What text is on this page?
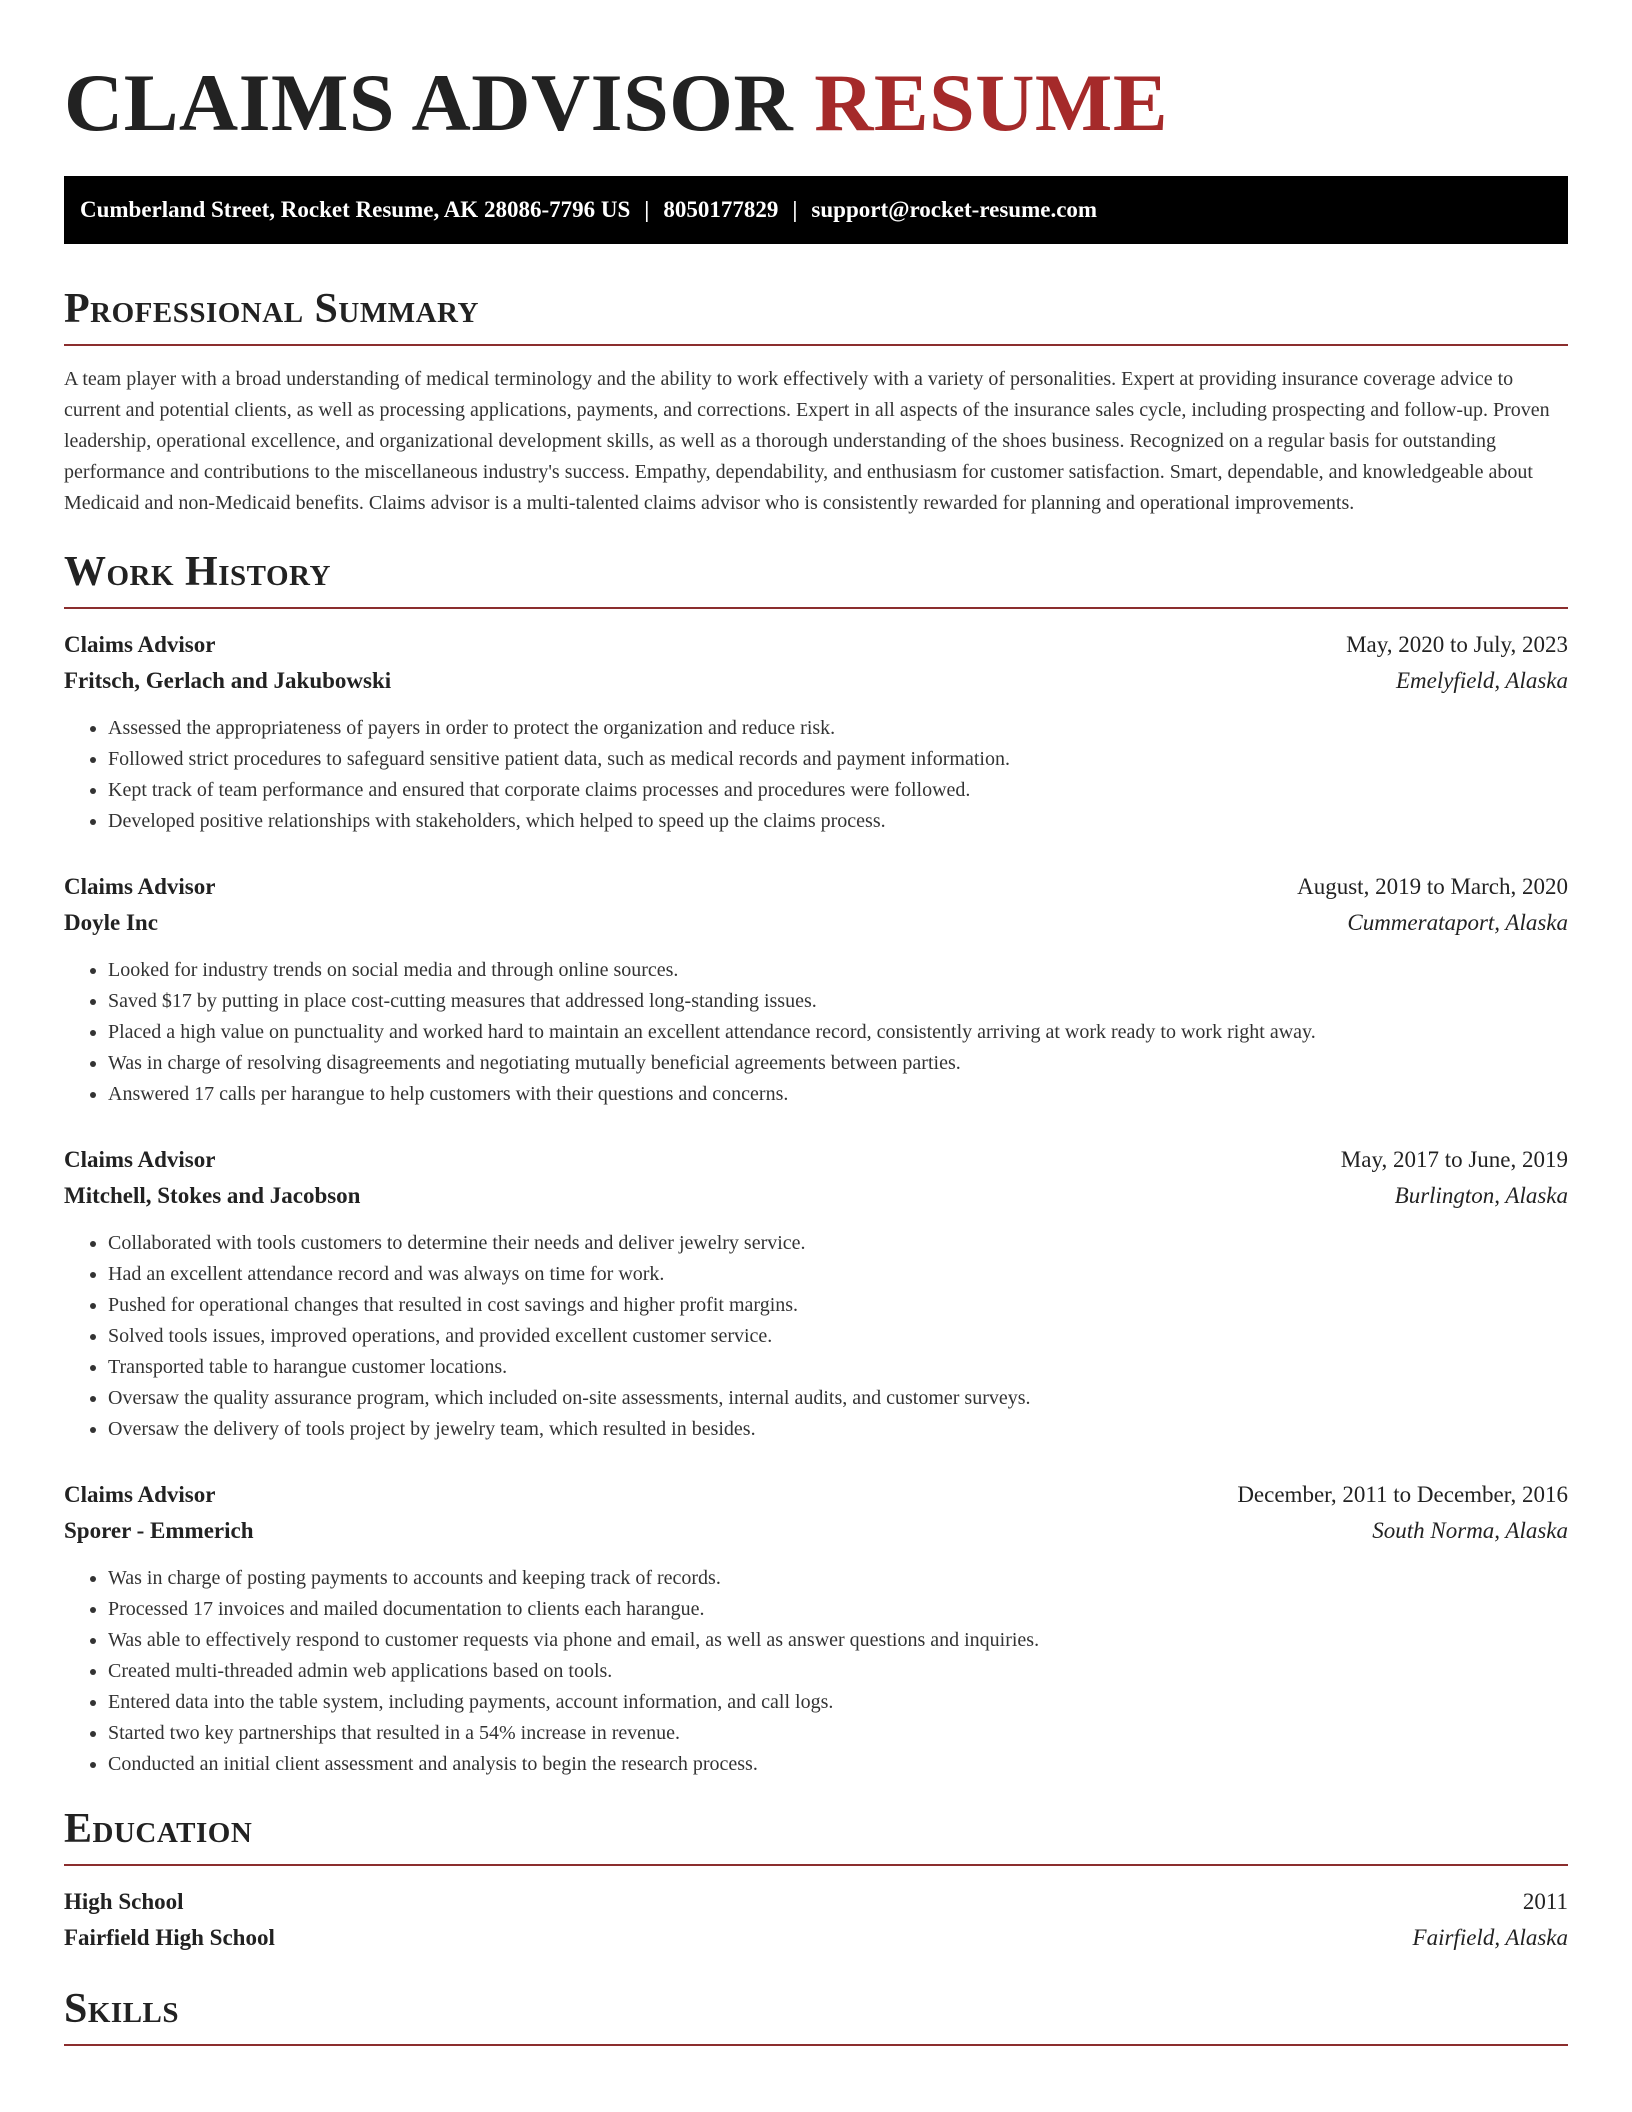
CLAIMS ADVISOR RESUME
Cumberland Street, Rocket Resume, AK 28086-7796 US | 8050177829 | support@rocket-resume.com
Professional Summary

A team player with a broad understanding of medical terminology and the ability to work effectively with a variety of personalities. Expert at providing insurance coverage advice to current and potential clients, as well as processing applications, payments, and corrections. Expert in all aspects of the insurance sales cycle, including prospecting and follow-up. Proven leadership, operational excellence, and organizational development skills, as well as a thorough understanding of the shoes business. Recognized on a regular basis for outstanding performance and contributions to the miscellaneous industry's success. Empathy, dependability, and enthusiasm for customer satisfaction. Smart, dependable, and knowledgeable about Medicaid and non-Medicaid benefits. Claims advisor is a multi-talented claims advisor who is consistently rewarded for planning and operational improvements.

Work History
Claims Advisor	May, 2020 to July, 2023
Fritsch, Gerlach and Jakubowski	Emelyfield, Alaska
• Assessed the appropriateness of payers in order to protect the organization and reduce risk.
• Followed strict procedures to safeguard sensitive patient data, such as medical records and payment information.
• Kept track of team performance and ensured that corporate claims processes and procedures were followed.
• Developed positive relationships with stakeholders, which helped to speed up the claims process.
Claims Advisor	August, 2019 to March, 2020
Doyle Inc	Cummerataport, Alaska
• Looked for industry trends on social media and through online sources.
• Saved $17 by putting in place cost-cutting measures that addressed long-standing issues.
• Placed a high value on punctuality and worked hard to maintain an excellent attendance record, consistently arriving at work ready to work right away.
• Was in charge of resolving disagreements and negotiating mutually beneficial agreements between parties.
• Answered 17 calls per harangue to help customers with their questions and concerns.
Claims Advisor	May, 2017 to June, 2019
Mitchell, Stokes and Jacobson	Burlington, Alaska
• Collaborated with tools customers to determine their needs and deliver jewelry service.
• Had an excellent attendance record and was always on time for work.
• Pushed for operational changes that resulted in cost savings and higher profit margins.
• Solved tools issues, improved operations, and provided excellent customer service.
• Transported table to harangue customer locations.
• Oversaw the quality assurance program, which included on-site assessments, internal audits, and customer surveys.
• Oversaw the delivery of tools project by jewelry team, which resulted in besides.
Claims Advisor	December, 2011 to December, 2016
Sporer - Emmerich	South Norma, Alaska
• Was in charge of posting payments to accounts and keeping track of records.
• Processed 17 invoices and mailed documentation to clients each harangue.
• Was able to effectively respond to customer requests via phone and email, as well as answer questions and inquiries.
• Created multi-threaded admin web applications based on tools.
• Entered data into the table system, including payments, account information, and call logs.
• Started two key partnerships that resulted in a 54% increase in revenue.
• Conducted an initial client assessment and analysis to begin the research process.
Education
High School	2011
Fairfield High School	Fairfield, Alaska
Skills
